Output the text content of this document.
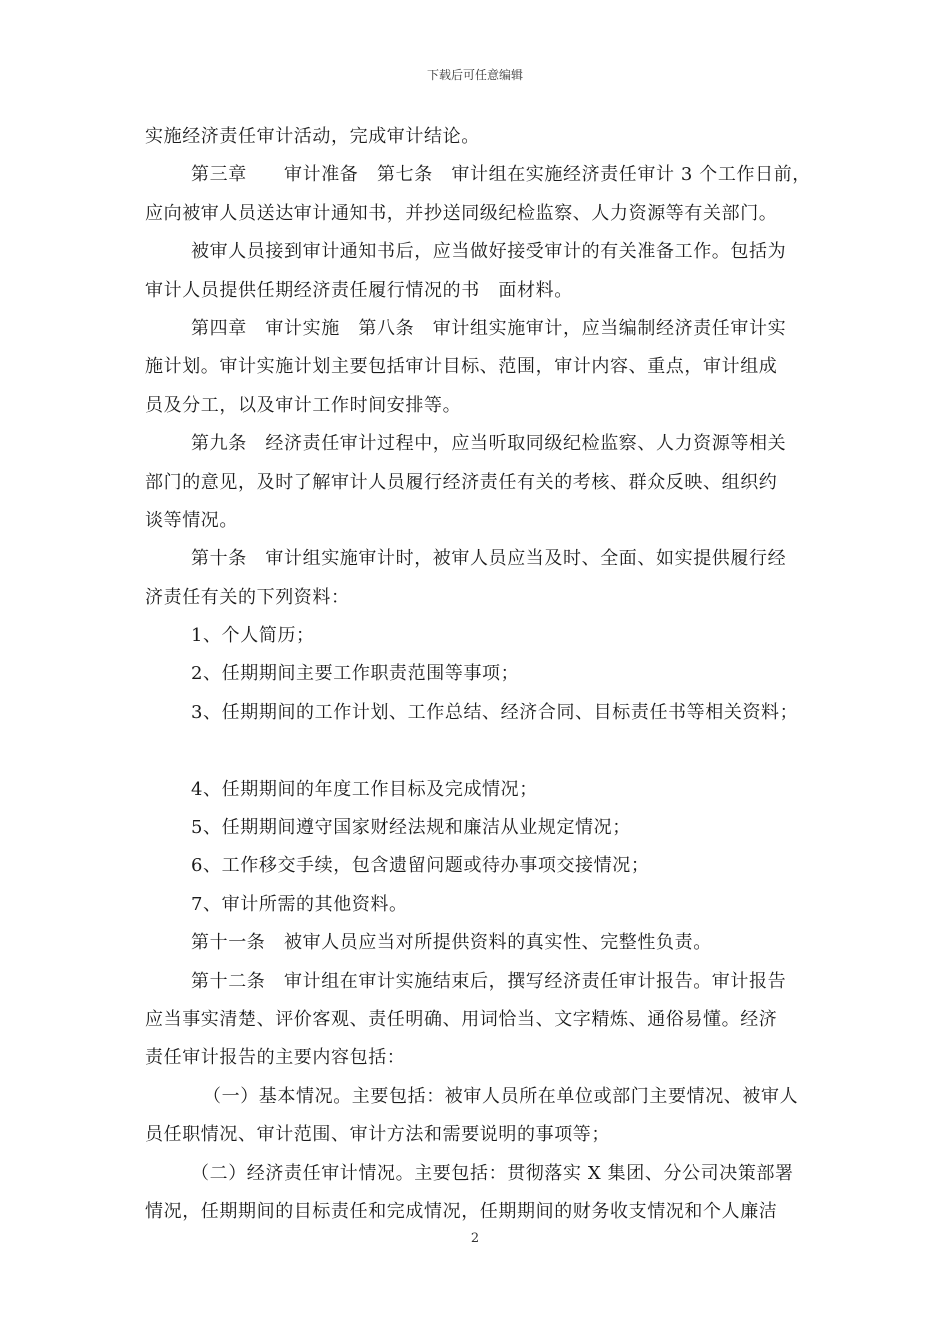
下载后可任意编辑
实施经济责任审计活动，完成审计结论。
第三章　　审计准备　第七条　审计组在实施经济责任审计 3 个工作日前，
应向被审人员送达审计通知书，并抄送同级纪检监察、人力资源等有关部门。
被审人员接到审计通知书后，应当做好接受审计的有关准备工作。包括为
审计人员提供任期经济责任履行情况的书　面材料。
第四章　审计实施　第八条　审计组实施审计，应当编制经济责任审计实
施计划。审计实施计划主要包括审计目标、范围，审计内容、重点，审计组成
员及分工，以及审计工作时间安排等。
第九条　经济责任审计过程中，应当听取同级纪检监察、人力资源等相关
部门的意见，及时了解审计人员履行经济责任有关的考核、群众反映、组织约
谈等情况。
第十条　审计组实施审计时，被审人员应当及时、全面、如实提供履行经
济责任有关的下列资料：
1、个人简历；
2、任期期间主要工作职责范围等事项；
3、任期期间的工作计划、工作总结、经济合同、目标责任书等相关资料；
4、任期期间的年度工作目标及完成情况；
5、任期期间遵守国家财经法规和廉洁从业规定情况；
6、工作移交手续，包含遗留问题或待办事项交接情况；
7、审计所需的其他资料。
第十一条　被审人员应当对所提供资料的真实性、完整性负责。
第十二条　审计组在审计实施结束后，撰写经济责任审计报告。审计报告
应当事实清楚、评价客观、责任明确、用词恰当、文字精炼、通俗易懂。经济
责任审计报告的主要内容包括：
（一）基本情况。主要包括：被审人员所在单位或部门主要情况、被审人
员任职情况、审计范围、审计方法和需要说明的事项等；
（二）经济责任审计情况。主要包括：贯彻落实 X 集团、分公司决策部署
情况，任期期间的目标责任和完成情况，任期期间的财务收支情况和个人廉洁
2
